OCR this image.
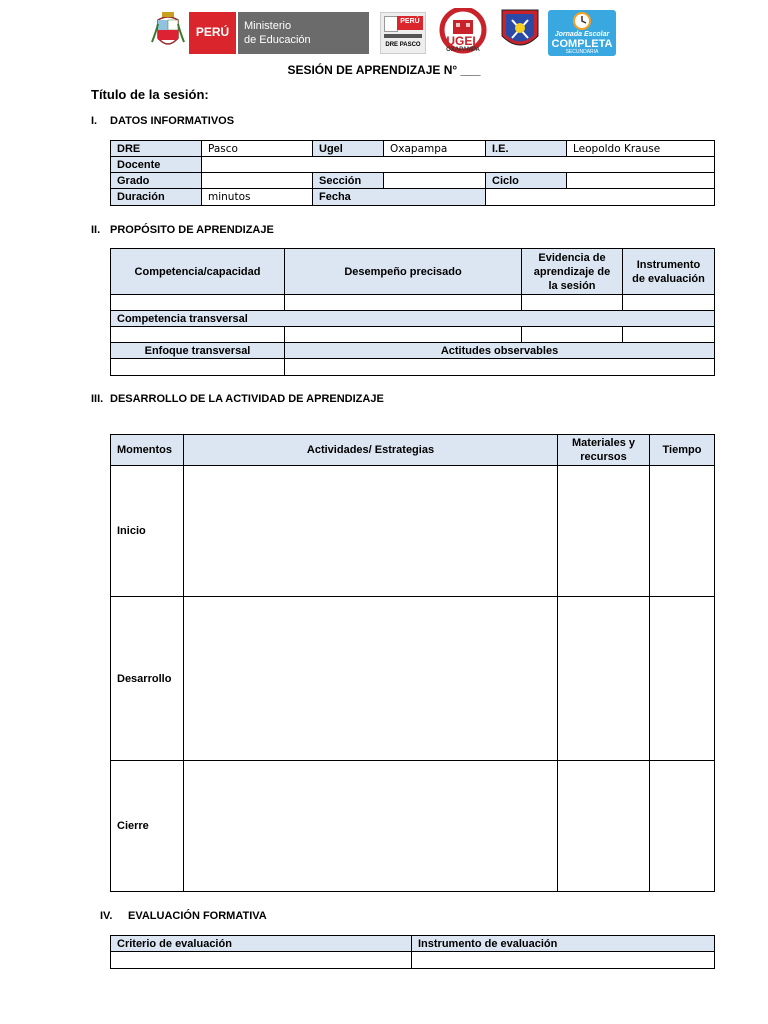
PERÚ	Ministerio
de Educación
PERÚ
DRE PASCO	UGEL
OXAPAMPA
Jornada Escolar
COMPLETA
SECUNDARIA
SESIÓN DE APRENDIZAJE N° ___
Título de la sesión:
I. DATOS INFORMATIVOS
DRE	Pasco	Ugel	Oxapampa	I.E.	Leopoldo Krause
Docente					
Grado		Sección		Ciclo	
Duración	minutos	Fecha			
II. PROPÓSITO DE APRENDIZAJE
Competencia/capacidad	Desempeño precisado	Evidencia de aprendizaje de la sesión	Instrumento de evaluación

Competencia transversal			

Enfoque transversal	Actitudes observables		

III. DESARROLLO DE LA ACTIVIDAD DE APRENDIZAJE
Momentos	Actividades/ Estrategias	Materiales y recursos	Tiempo
Inicio			
Desarrollo			
Cierre			
IV. EVALUACIÓN FORMATIVA
Criterio de evaluación	Instrumento de evaluación
